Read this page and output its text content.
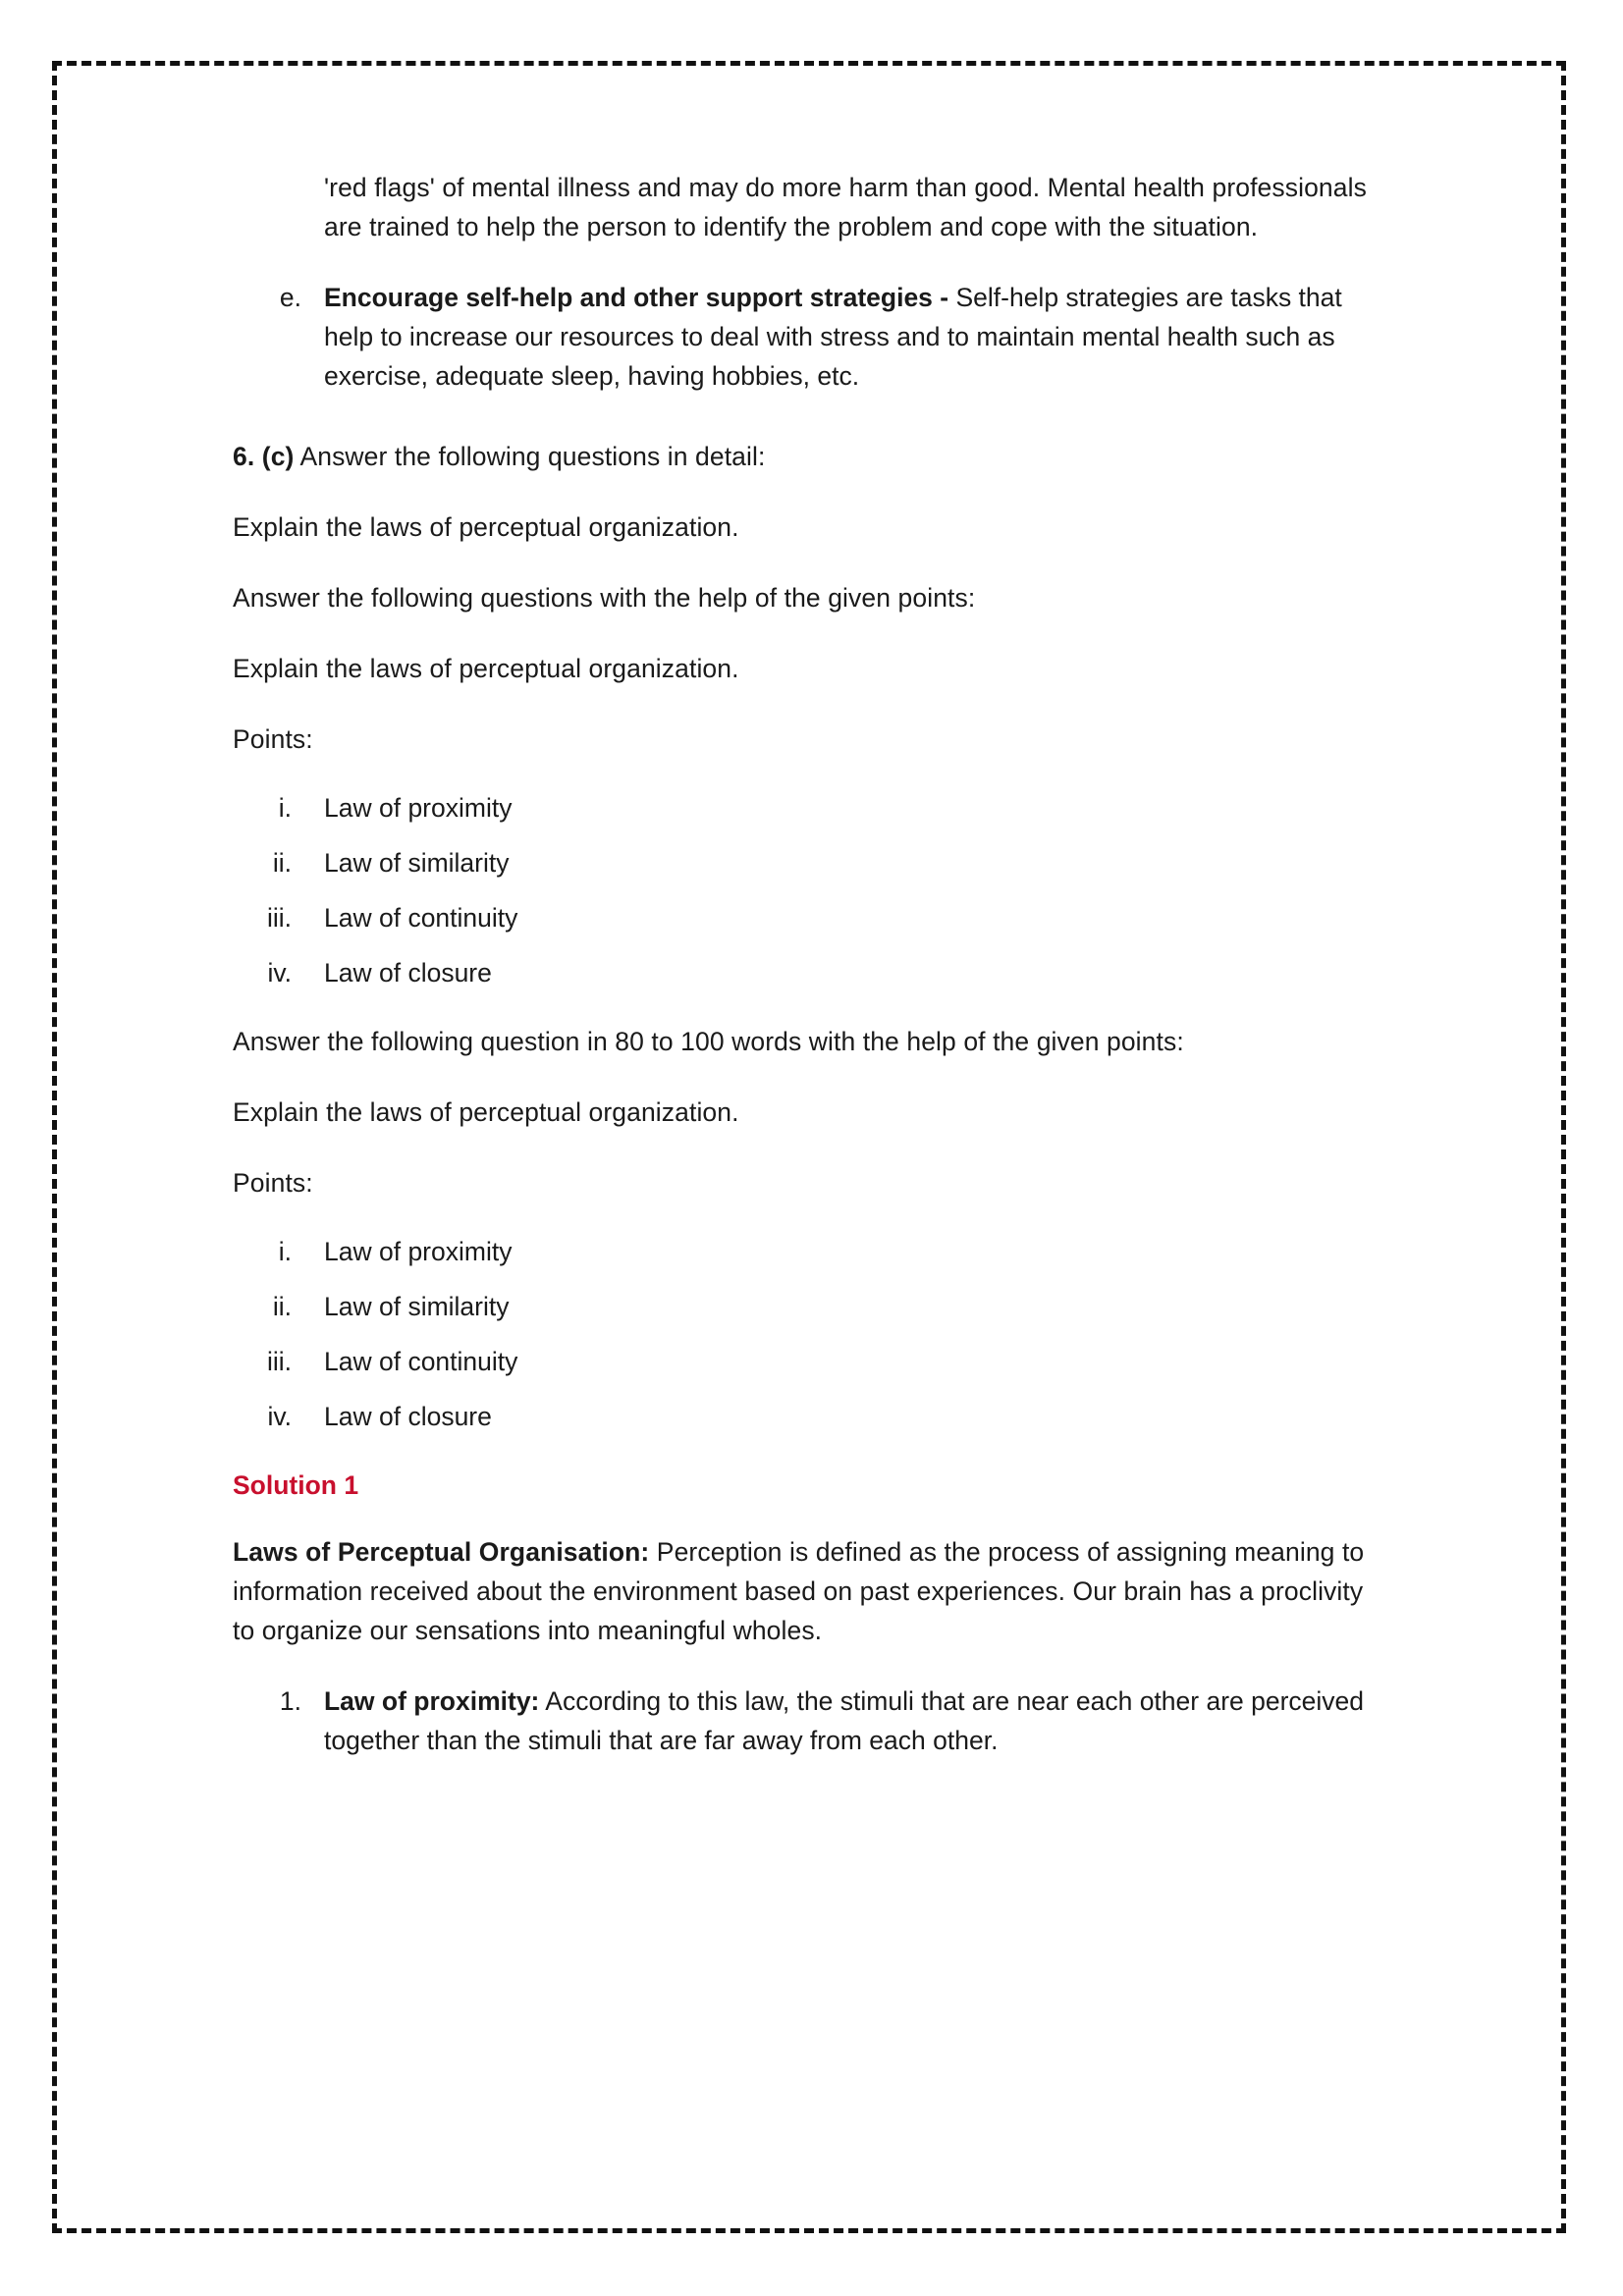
'red flags' of mental illness and may do more harm than good. Mental health professionals are trained to help the person to identify the problem and cope with the situation.

e. Encourage self-help and other support strategies - Self-help strategies are tasks that help to increase our resources to deal with stress and to maintain mental health such as exercise, adequate sleep, having hobbies, etc.

6. (c) Answer the following questions in detail:

Explain the laws of perceptual organization.

Answer the following questions with the help of the given points:

Explain the laws of perceptual organization.

Points:

i. Law of proximity
ii. Law of similarity
iii. Law of continuity
iv. Law of closure

Answer the following question in 80 to 100 words with the help of the given points:

Explain the laws of perceptual organization.

Points:

i. Law of proximity
ii. Law of similarity
iii. Law of continuity
iv. Law of closure

Solution 1

Laws of Perceptual Organisation: Perception is defined as the process of assigning meaning to information received about the environment based on past experiences. Our brain has a proclivity to organize our sensations into meaningful wholes.

1. Law of proximity: According to this law, the stimuli that are near each other are perceived together than the stimuli that are far away from each other.
